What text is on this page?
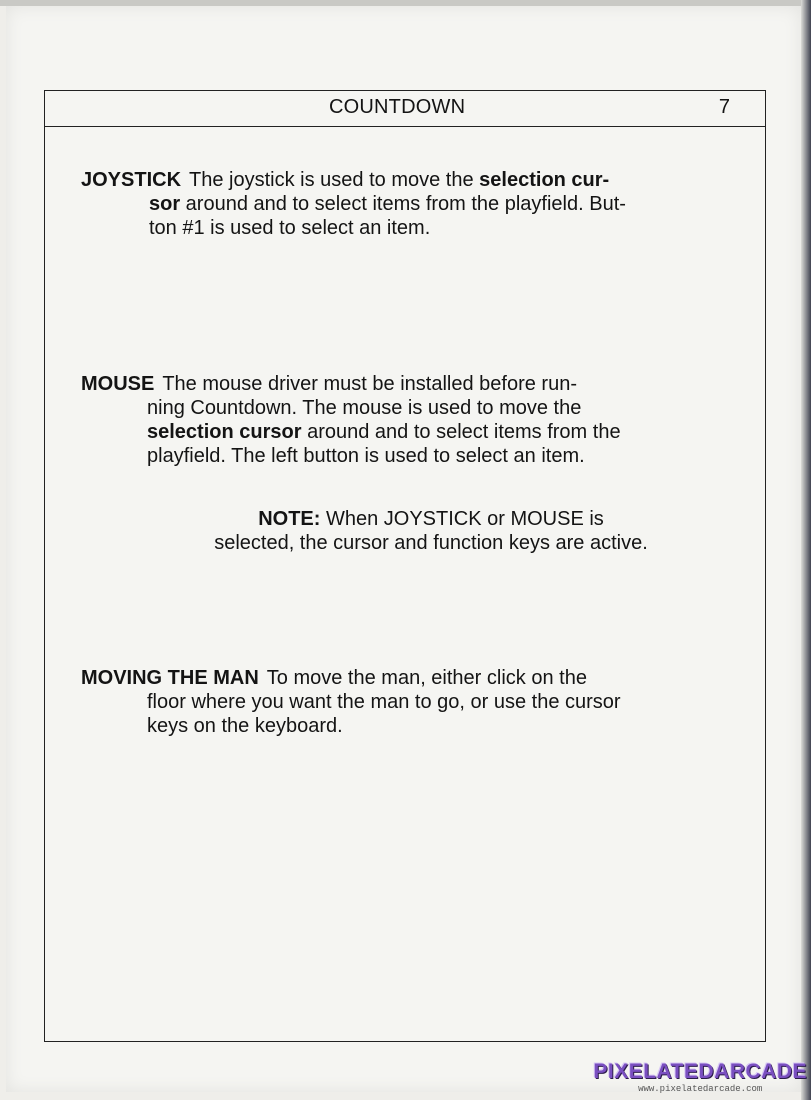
COUNTDOWN	7

JOYSTICK The joystick is used to move the selection cur-
sor around and to select items from the playfield. But-
ton #1 is used to select an item.

MOUSE The mouse driver must be installed before run-
ning Countdown. The mouse is used to move the
selection cursor around and to select items from the
playfield. The left button is used to select an item.

NOTE: When JOYSTICK or MOUSE is
selected, the cursor and function keys are active.

MOVING THE MAN To move the man, either click on the
floor where you want the man to go, or use the cursor
keys on the keyboard.

PIXELATEDARCADE
www.pixelatedarcade.com
